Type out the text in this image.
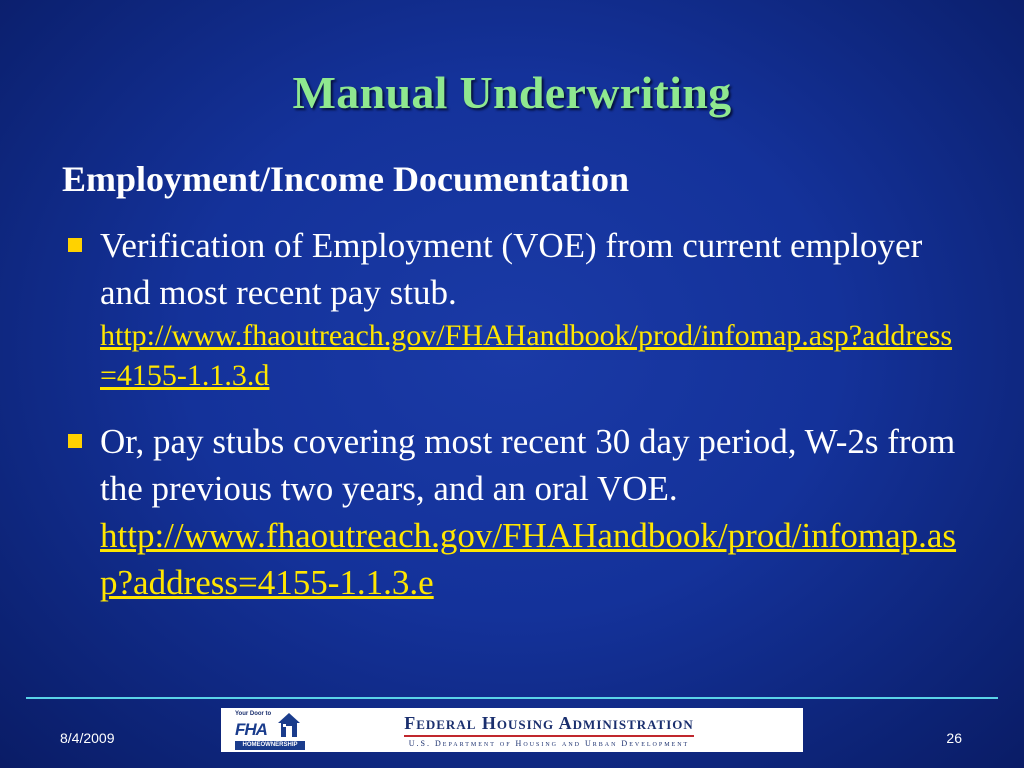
Manual Underwriting
Employment/Income Documentation
Verification of Employment (VOE) from current employer and most recent pay stub.
http://www.fhaoutreach.gov/FHAHandbook/prod/infomap.asp?address=4155-1.1.3.d
Or, pay stubs covering most recent 30 day period, W-2s from the previous two years, and an oral VOE.
http://www.fhaoutreach.gov/FHAHandbook/prod/infomap.asp?address=4155-1.1.3.e
8/4/2009
Your Door to
FHA
HOMEOWNERSHIP
Federal Housing Administration
U.S. Department of Housing and Urban Development	26
